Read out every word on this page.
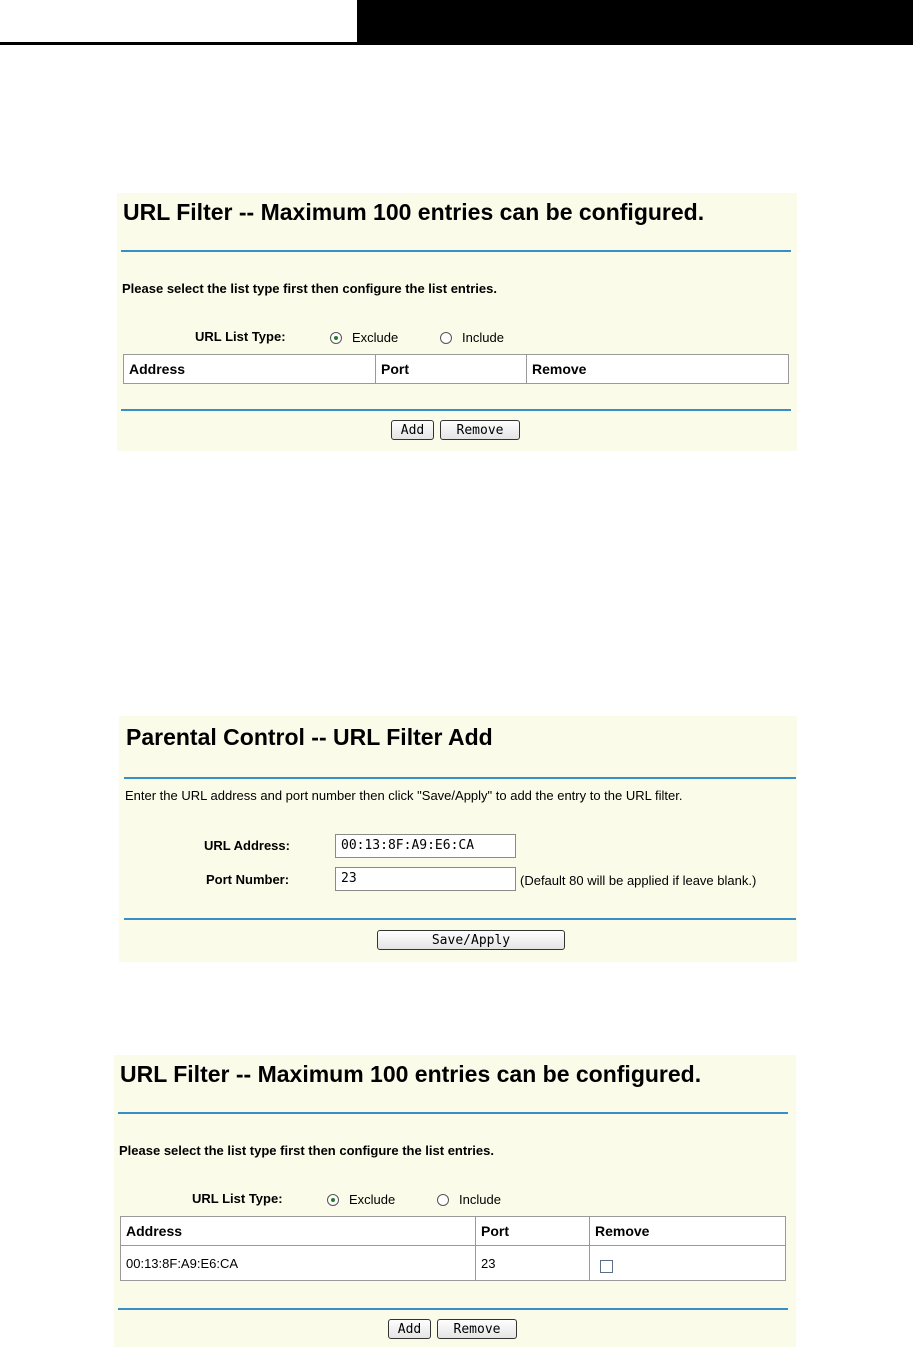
URL Filter -- Maximum 100 entries can be configured.
Please select the list type first then configure the list entries.
URL List Type:	Exclude	Include
Address	Port	Remove
Add	Remove
Parental Control -- URL Filter Add
Enter the URL address and port number then click "Save/Apply" to add the entry to the URL filter.
URL Address:	00:13:8F:A9:E6:CA
Port Number:	23	(Default 80 will be applied if leave blank.)
Save/Apply
URL Filter -- Maximum 100 entries can be configured.
Please select the list type first then configure the list entries.
URL List Type:	Exclude	Include
Address	Port	Remove
00:13:8F:A9:E6:CA	23	
Add	Remove
